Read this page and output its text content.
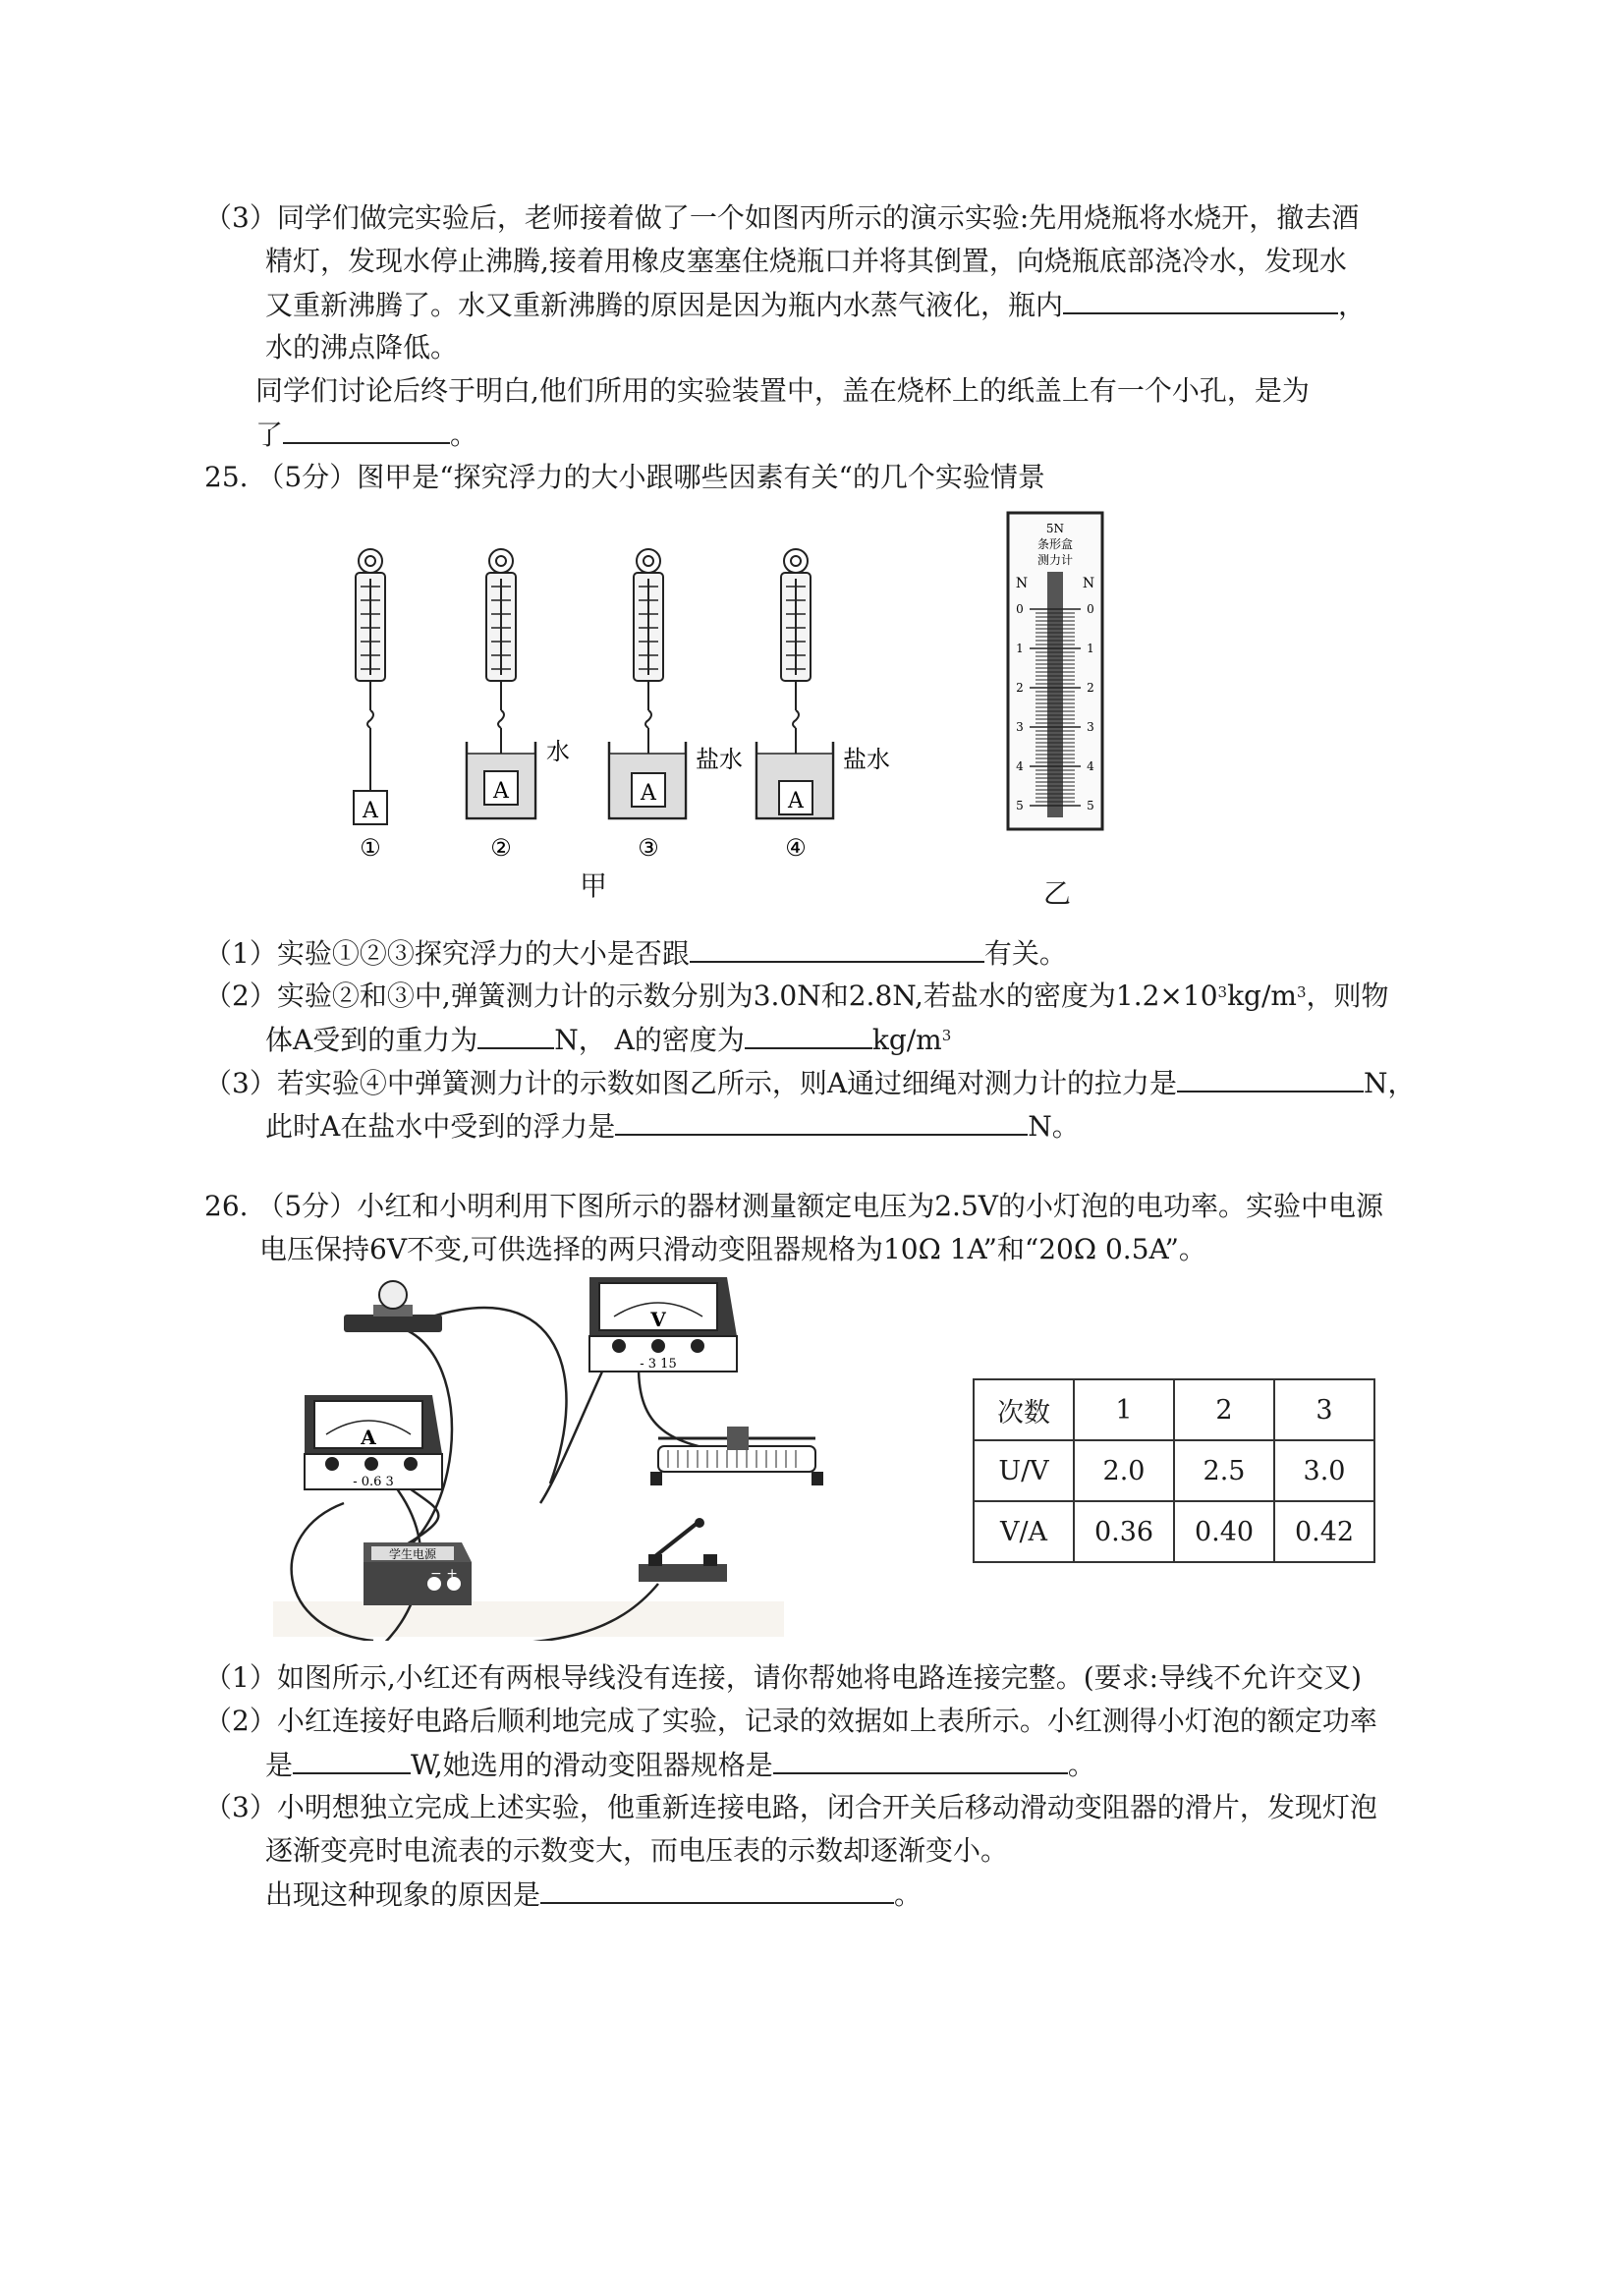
（3）同学们做完实验后，老师接着做了一个如图丙所示的演示实验:先用烧瓶将水烧开，撤去酒
精灯，发现水停止沸腾,接着用橡皮塞塞住烧瓶口并将其倒置，向烧瓶底部浇冷水，发现水
又重新沸腾了。水又重新沸腾的原因是因为瓶内水蒸气液化，瓶内	，
水的沸点降低。
同学们讨论后终于明白,他们所用的实验装置中，盖在烧杯上的纸盖上有一个小孔，是为
了	。
25. （5分）图甲是“探究浮力的大小跟哪些因素有关“的几个实验情景
A
①
A
水
②
A
盐水
③
A
盐水
④
甲
5N
条形盒
测力计
N	N
0	0
1	1
2	2
3	3
4	4
5	5
乙
（1）实验①②③探究浮力的大小是否跟	有关。
（2）实验②和③中,弹簧测力计的示数分别为3.0N和2.8N,若盐水的密度为$1.2\times 10^3kg/m^3$，则物
体A受到的重力为	N， A的密度为	$kg/m^3$
（3）若实验④中弹簧测力计的示数如图乙所示，则A通过细绳对测力计的拉力是	N，
此时A在盐水中受到的浮力是	N。
26. （5分）小红和小明利用下图所示的器材测量额定电压为2.5V的小灯泡的电功率。实验中电源
电压保持6V不变,可供选择的两只滑动变阻器规格为10Ω 1A”和“20Ω 0.5A”。
V
- 3 15
A
- 0.6 3
学生电源
− +
次数	1	2	3
U/V	2.0	2.5	3.0
V/A	0.36	0.40	0.42
（1）如图所示,小红还有两根导线没有连接，请你帮她将电路连接完整。(要求:导线不允许交叉)
（2）小红连接好电路后顺利地完成了实验，记录的效据如上表所示。小红测得小灯泡的额定功率
是	W,她选用的滑动变阻器规格是	。
（3）小明想独立完成上述实验，他重新连接电路，闭合开关后移动滑动变阻器的滑片，发现灯泡
逐渐变亮时电流表的示数变大，而电压表的示数却逐渐变小。
出现这种现象的原因是	。
